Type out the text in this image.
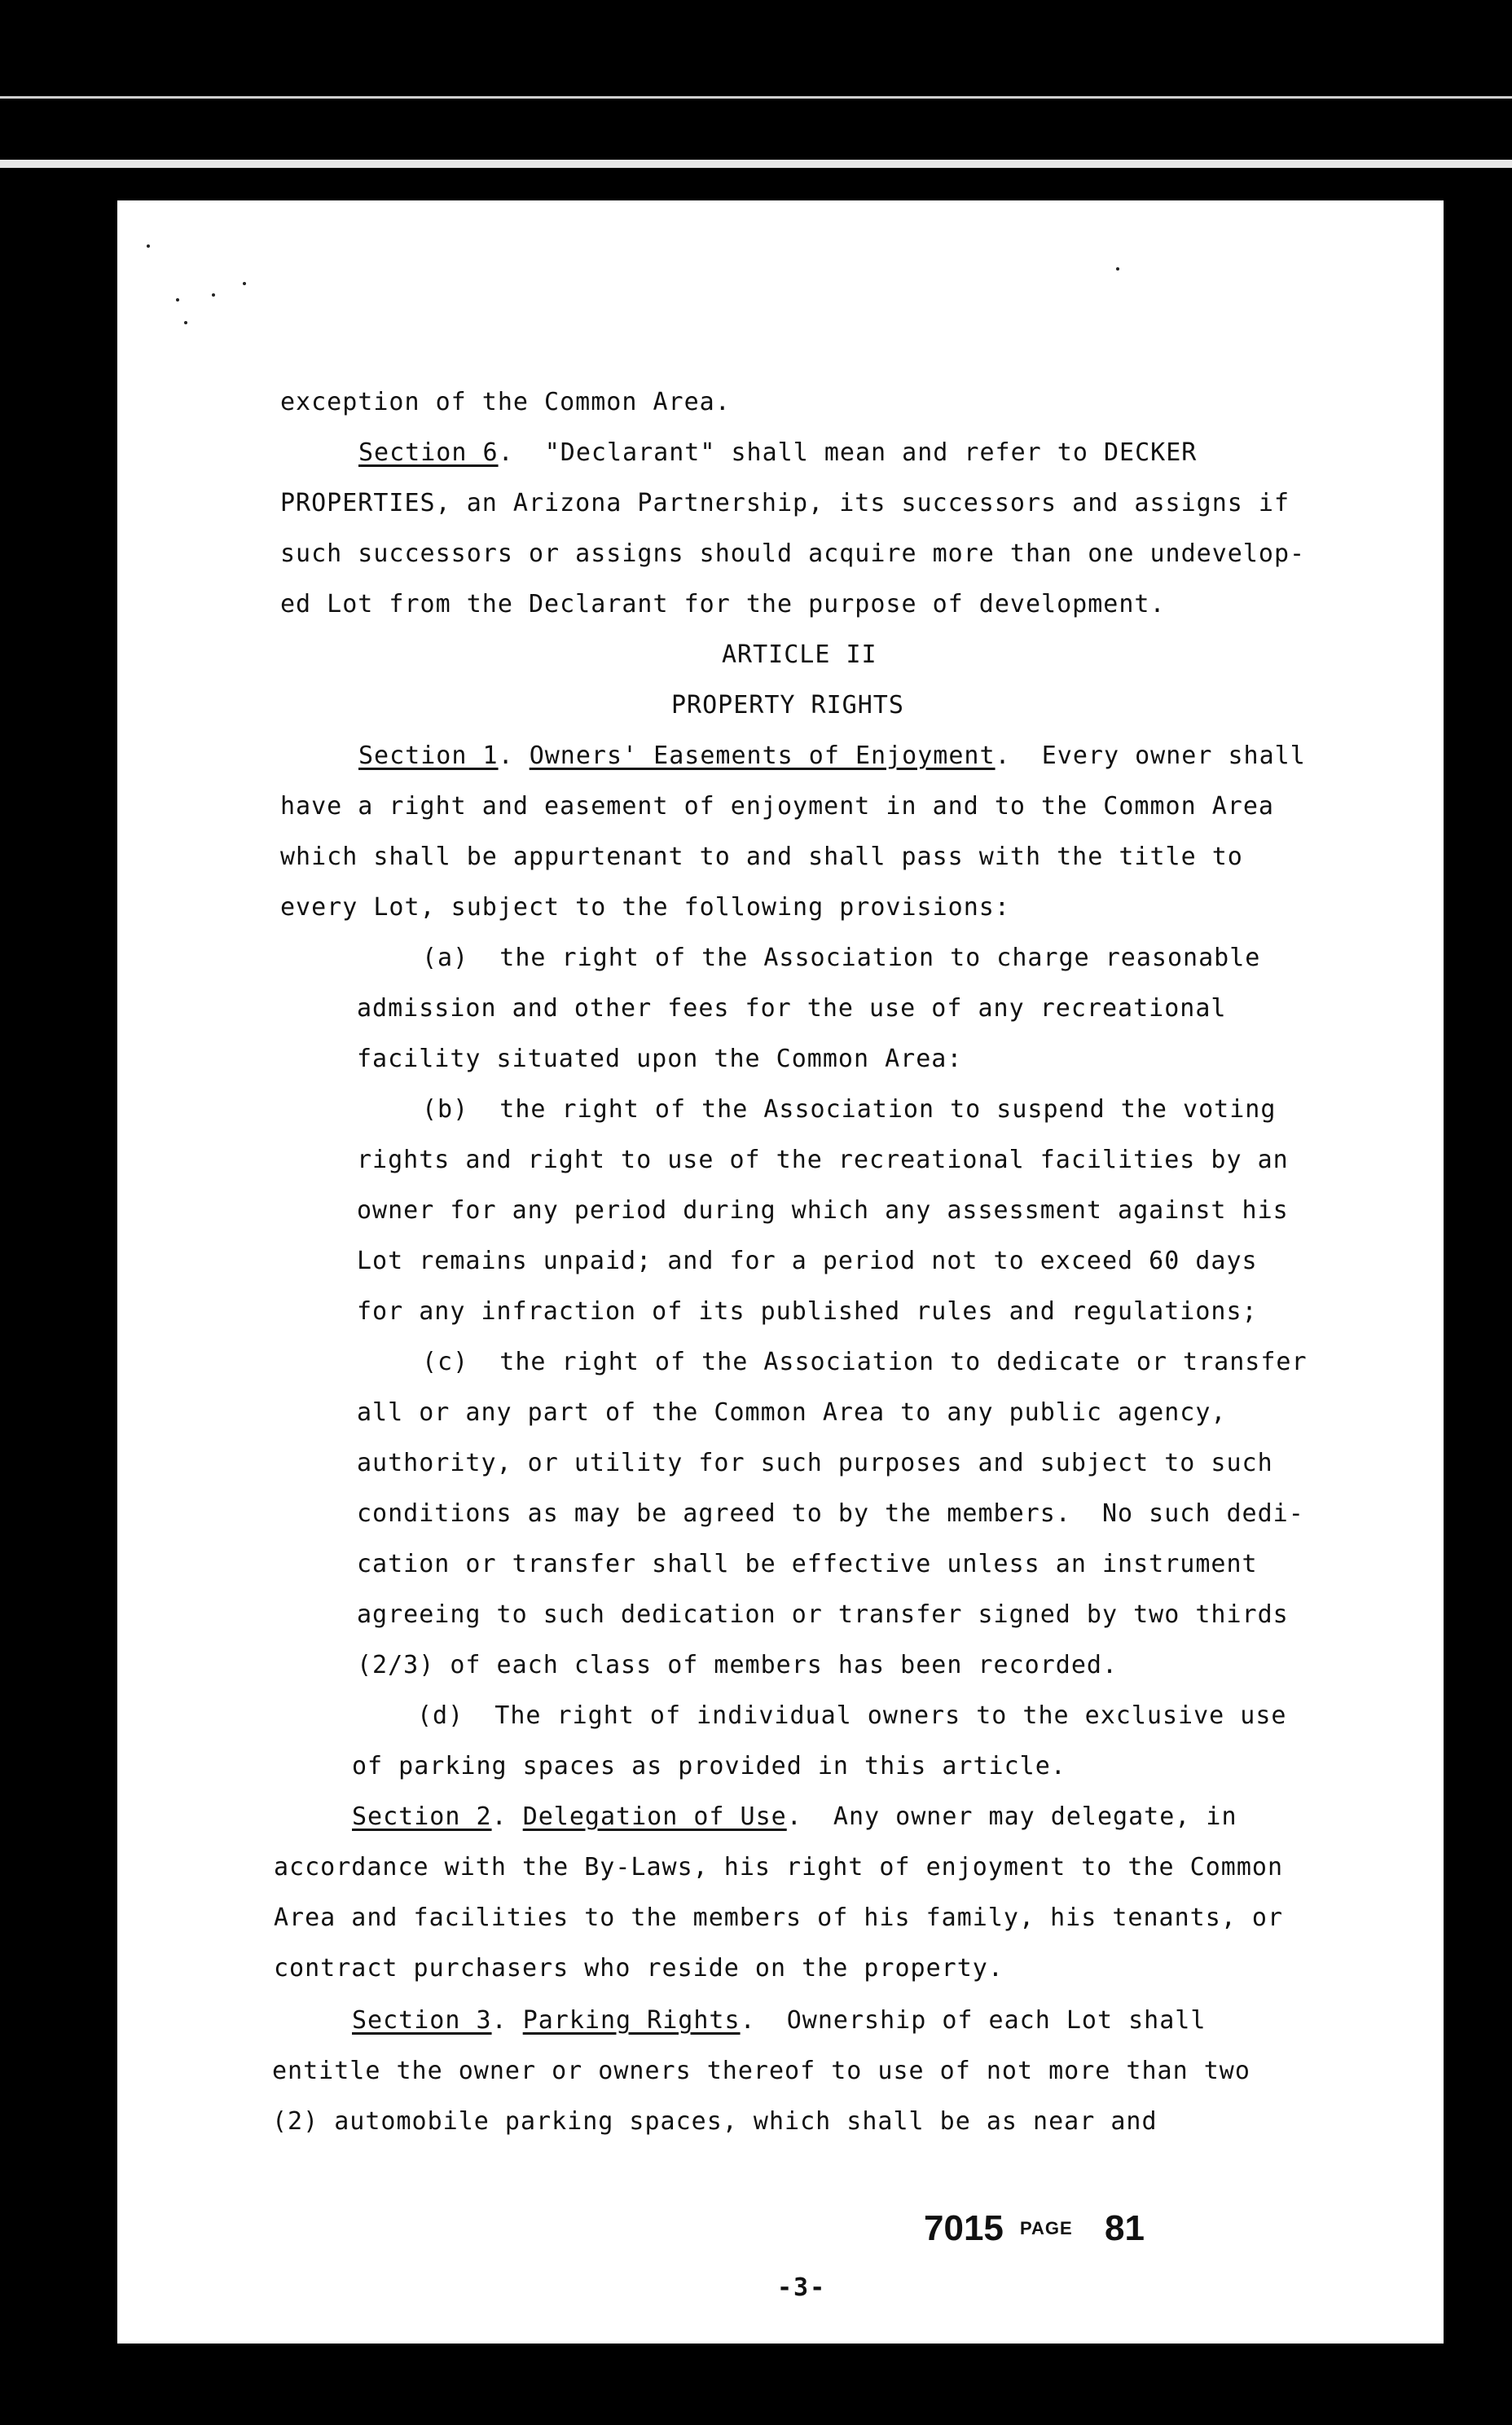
exception of the Common Area.
Section 6.  "Declarant" shall mean and refer to DECKER
PROPERTIES, an Arizona Partnership, its successors and assigns if
such successors or assigns should acquire more than one undevelop-
ed Lot from the Declarant for the purpose of development.
ARTICLE II
PROPERTY RIGHTS
Section 1. Owners' Easements of Enjoyment.  Every owner shall
have a right and easement of enjoyment in and to the Common Area
which shall be appurtenant to and shall pass with the title to
every Lot, subject to the following provisions:
(a)  the right of the Association to charge reasonable
admission and other fees for the use of any recreational
facility situated upon the Common Area:
(b)  the right of the Association to suspend the voting
rights and right to use of the recreational facilities by an
owner for any period during which any assessment against his
Lot remains unpaid; and for a period not to exceed 60 days
for any infraction of its published rules and regulations;
(c)  the right of the Association to dedicate or transfer
all or any part of the Common Area to any public agency,
authority, or utility for such purposes and subject to such
conditions as may be agreed to by the members.  No such dedi-
cation or transfer shall be effective unless an instrument
agreeing to such dedication or transfer signed by two thirds
(2/3) of each class of members has been recorded.
(d)  The right of individual owners to the exclusive use
of parking spaces as provided in this article.
Section 2. Delegation of Use.  Any owner may delegate, in
accordance with the By-Laws, his right of enjoyment to the Common
Area and facilities to the members of his family, his tenants, or
contract purchasers who reside on the property.
Section 3. Parking Rights.  Ownership of each Lot shall
entitle the owner or owners thereof to use of not more than two
(2) automobile parking spaces, which shall be as near and
7015 PAGE 81
-3-
